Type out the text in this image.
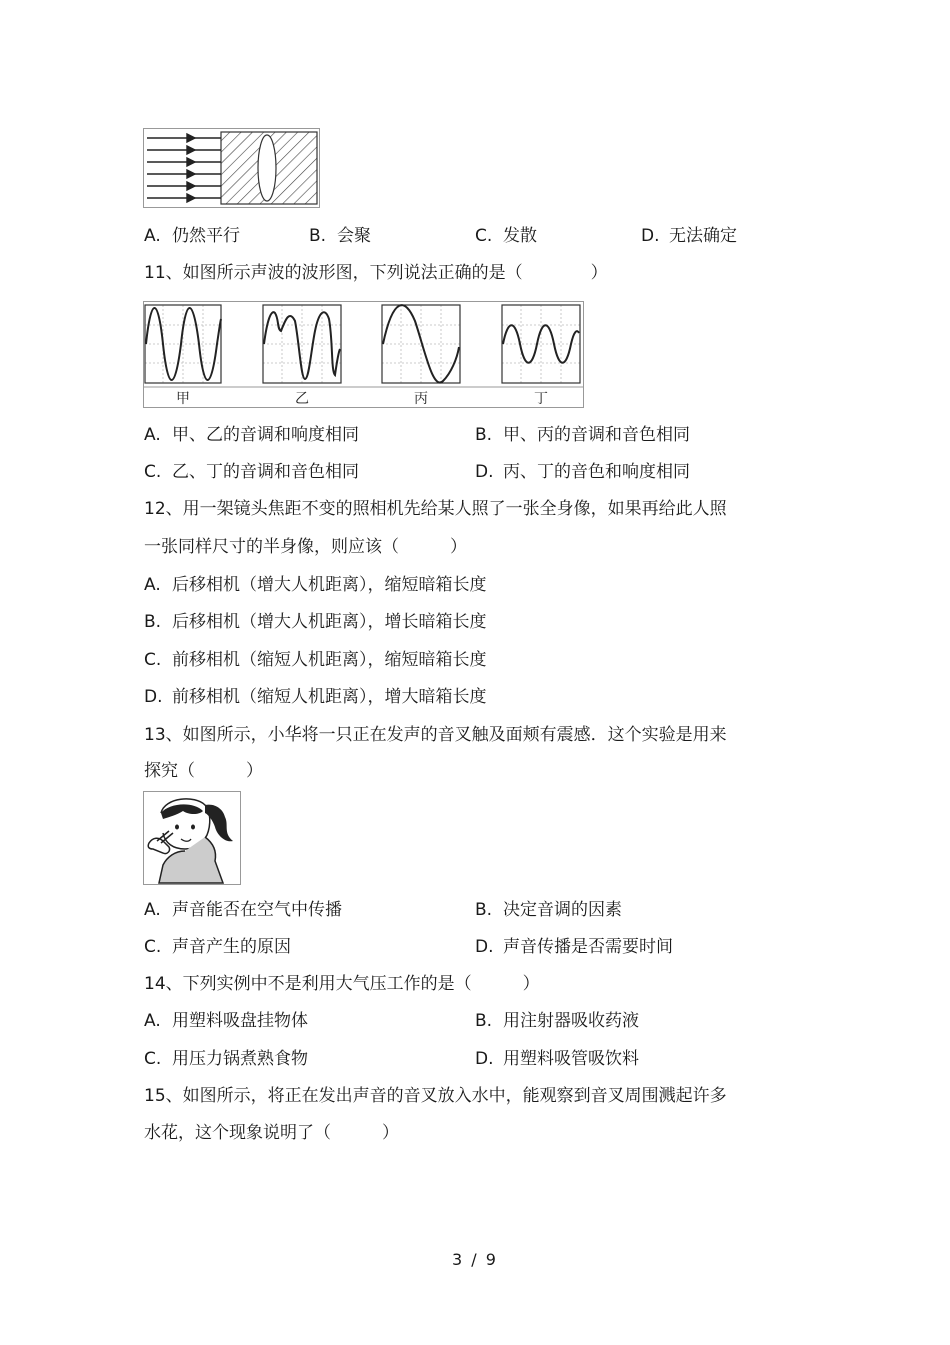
A. 仍然平行	B. 会聚	C. 发散	D. 无法确定
11、如图所示声波的波形图，下列说法正确的是（　　　　）
甲	乙	丙	丁
A. 甲、乙的音调和响度相同	B. 甲、丙的音调和音色相同
C. 乙、丁的音调和音色相同	D. 丙、丁的音色和响度相同
12、用一架镜头焦距不变的照相机先给某人照了一张全身像，如果再给此人照
一张同样尺寸的半身像，则应该（　　　）
A. 后移相机（增大人机距离），缩短暗箱长度
B. 后移相机（增大人机距离），增长暗箱长度
C. 前移相机（缩短人机距离），缩短暗箱长度
D. 前移相机（缩短人机距离），增大暗箱长度
13、如图所示，小华将一只正在发声的音叉触及面颊有震感．这个实验是用来
探究（　　　）
A. 声音能否在空气中传播	B. 决定音调的因素
C. 声音产生的原因	D. 声音传播是否需要时间
14、下列实例中不是利用大气压工作的是（　　　）
A. 用塑料吸盘挂物体	B. 用注射器吸收药液
C. 用压力锅煮熟食物	D. 用塑料吸管吸饮料
15、如图所示，将正在发出声音的音叉放入水中，能观察到音叉周围溅起许多
水花，这个现象说明了（　　　）
3 / 9
